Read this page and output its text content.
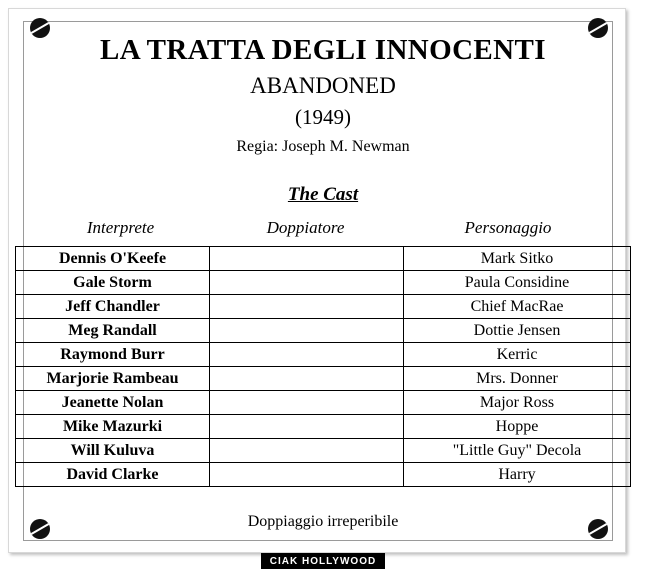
LA TRATTA DEGLI INNOCENTI
ABANDONED
(1949)
Regia: Joseph M. Newman
The Cast
Interprete	Doppiatore	Personaggio
Dennis O'Keefe		Mark Sitko
Gale Storm		Paula Considine
Jeff Chandler		Chief MacRae
Meg Randall		Dottie Jensen
Raymond Burr		Kerric
Marjorie Rambeau		Mrs. Donner
Jeanette Nolan		Major Ross
Mike Mazurki		Hoppe
Will Kuluva		"Little Guy" Decola
David Clarke		Harry
Doppiaggio irreperibile
CIAK HOLLYWOOD
